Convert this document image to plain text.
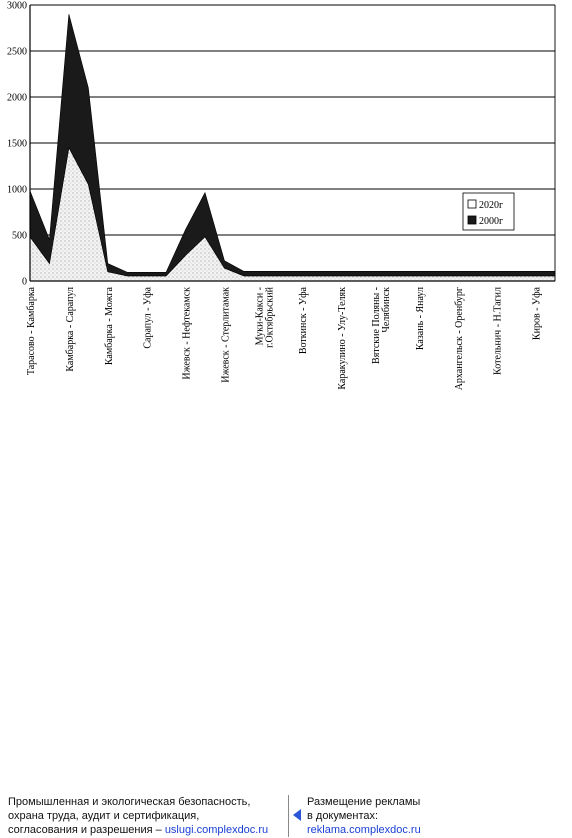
0
500
1000
1500
2000
2500
3000
Тарасово - Камбарка	Камбарка - Сарапул	Камбарка - Можга	Сарапул - Уфа	Ижевск - Нефтекамск	Ижевск - Стерлитамак Муки-Какси - г.Октябрьский Воткинск - Уфа	Каракулино - Улу-Теляк Вятские Поляны - Челябинск Казань - Янаул	Архангельск - Оренбург	Котельнич - Н.Тагил	Киров - Уфа
2020г
2000г
Промышленная и экологическая безопасность,
охрана труда, аудит и сертификация,
согласования и разрешения – uslugi.complexdoc.ru
Размещение рекламы
в документах:
reklama.complexdoc.ru
